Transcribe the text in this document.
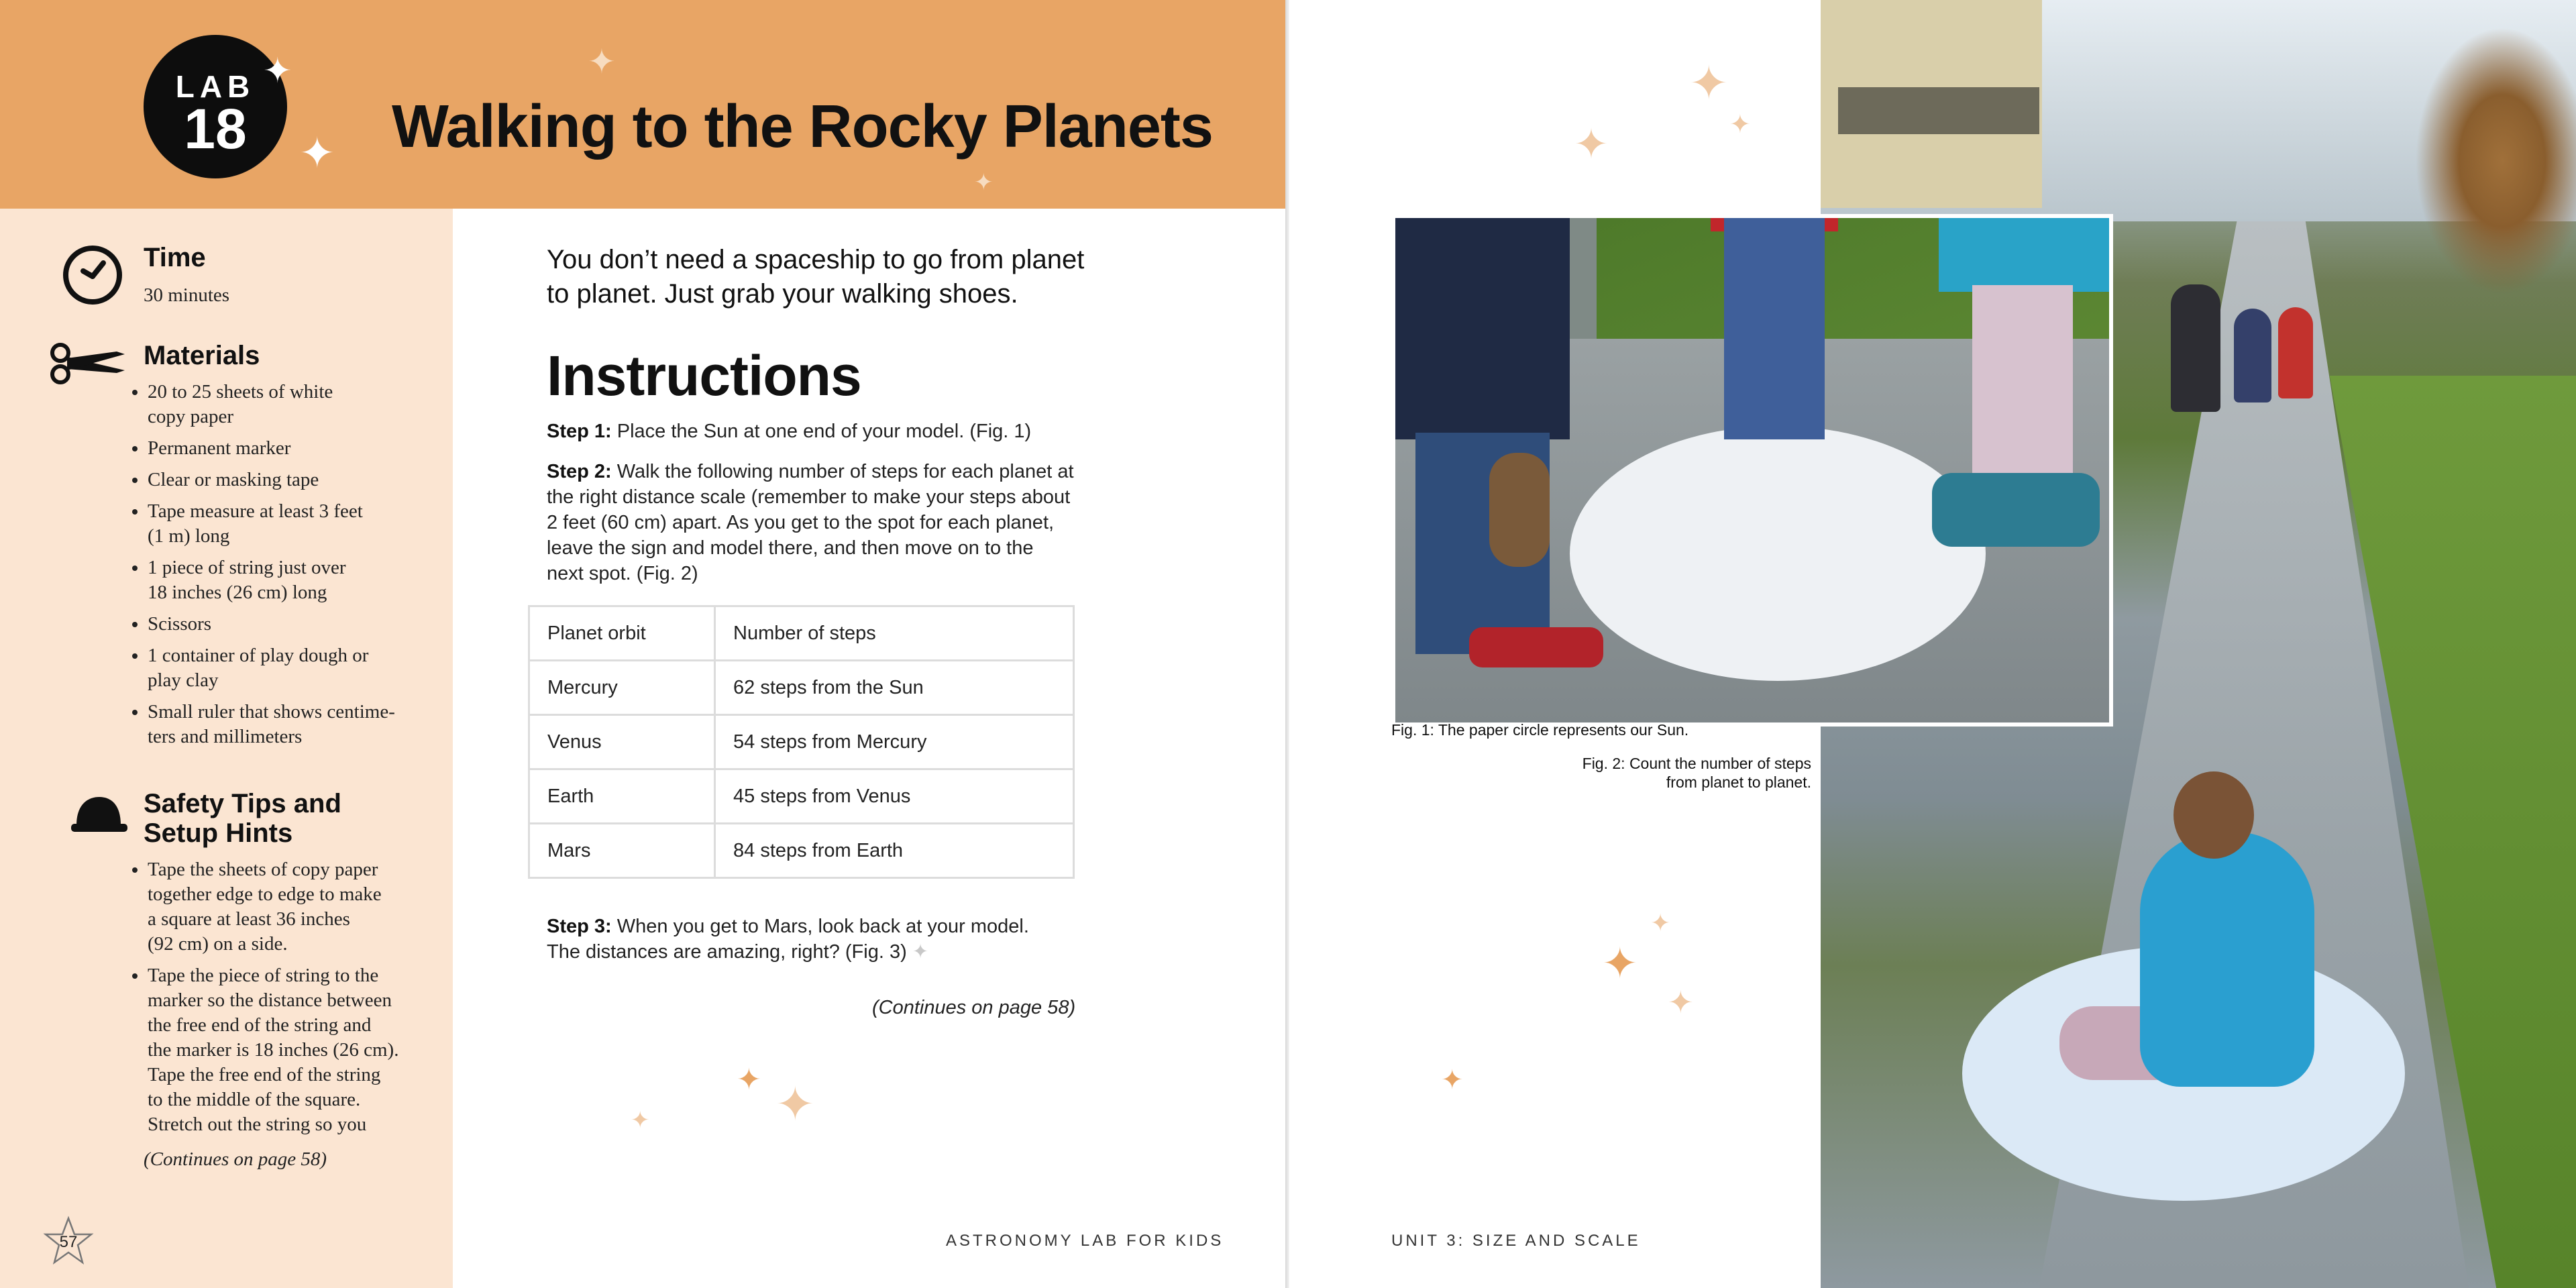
LAB
18
✦
✦
✦
✦
Walking to the Rocky Planets
Time
30 minutes
Materials
• 20 to 25 sheets of white
copy paper
• Permanent marker
• Clear or masking tape
• Tape measure at least 3 feet
(1 m) long
• 1 piece of string just over
18 inches (26 cm) long
• Scissors
• 1 container of play dough or
play clay
• Small ruler that shows centime-
ters and millimeters
Safety Tips and
Setup Hints
• Tape the sheets of copy paper
together edge to edge to make
a square at least 36 inches
(92 cm) on a side.
• Tape the piece of string to the
marker so the distance between
the free end of the string and
the marker is 18 inches (26 cm).
Tape the free end of the string
to the middle of the square.
Stretch out the string so you
(Continues on page 58)
57
You don’t need a spaceship to go from planet
to planet. Just grab your walking shoes.
Instructions
Step 1: Place the Sun at one end of your model. (Fig. 1)
Step 2: Walk the following number of steps for each planet at
the right distance scale (remember to make your steps about
2 feet (60 cm) apart. As you get to the spot for each planet,
leave the sign and model there, and then move on to the
next spot. (Fig. 2)
Planet orbit	Number of steps
Mercury	62 steps from the Sun
Venus	54 steps from Mercury
Earth	45 steps from Venus
Mars	84 steps from Earth
Step 3: When you get to Mars, look back at your model.
The distances are amazing, right? (Fig. 3) ✦
(Continues on page 58)
✦
✦	✦
ASTRONOMY LAB FOR KIDS
Fig. 1: The paper circle represents our Sun.
Fig. 2: Count the number of steps
from planet to planet.
✦
✦
✦
✦
✦
✦
✦
UNIT 3: SIZE AND SCALE
